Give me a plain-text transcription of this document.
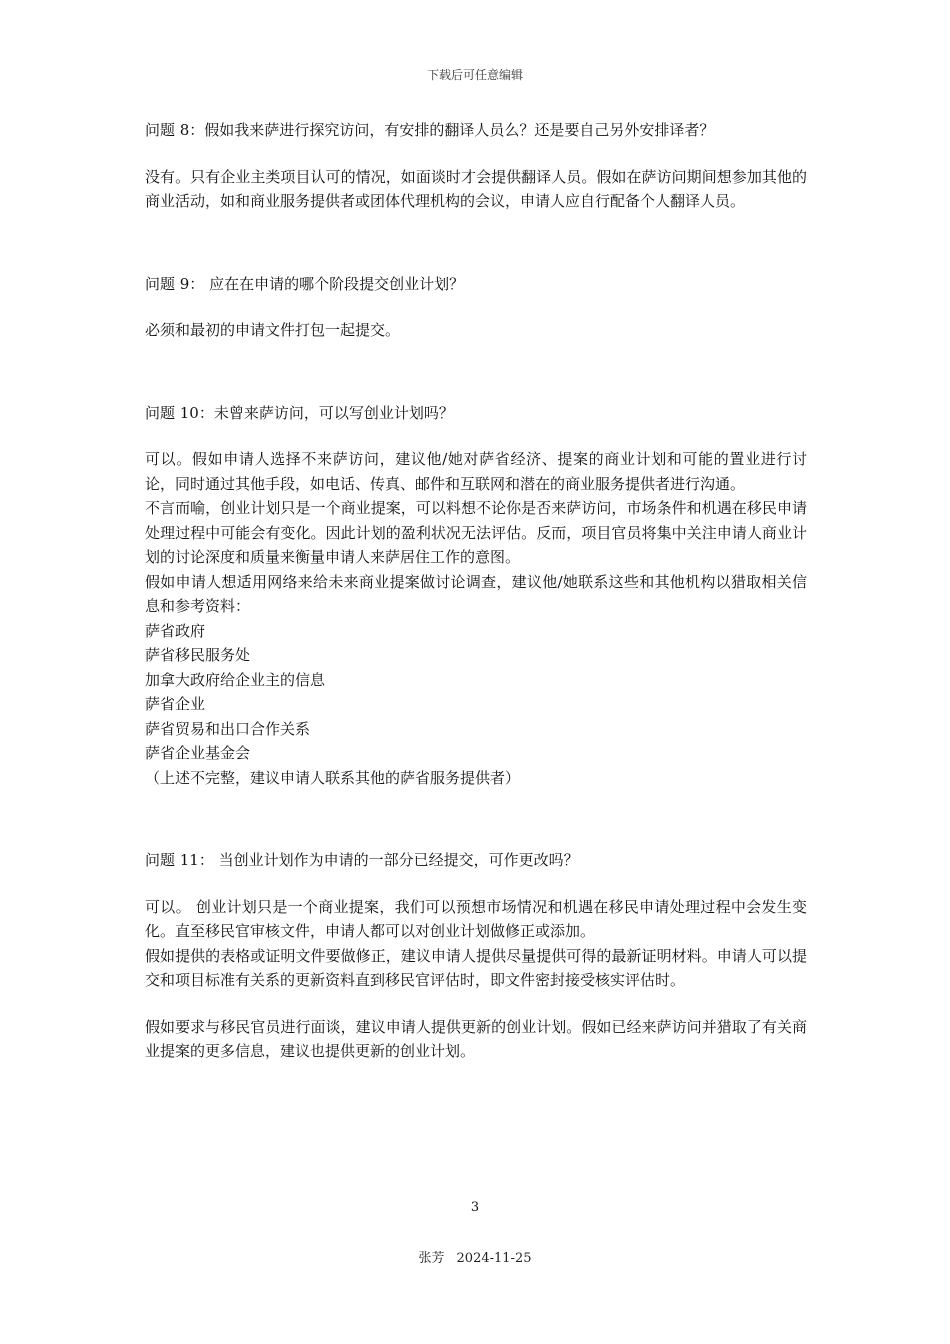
下载后可任意编辑

问题 8：假如我来萨进行探究访问，有安排的翻译人员么？还是要自己另外安排译者？

没有。只有企业主类项目认可的情况，如面谈时才会提供翻译人员。假如在萨访问期间想参加其他的商业活动，如和商业服务提供者或团体代理机构的会议，申请人应自行配备个人翻译人员。

问题 9： 应在在申请的哪个阶段提交创业计划？

必须和最初的申请文件打包一起提交。

问题 10：未曾来萨访问，可以写创业计划吗？

可以。假如申请人选择不来萨访问，建议他/她对萨省经济、提案的商业计划和可能的置业进行讨论，同时通过其他手段，如电话、传真、邮件和互联网和潜在的商业服务提供者进行沟通。

不言而喻，创业计划只是一个商业提案，可以料想不论你是否来萨访问，市场条件和机遇在移民申请处理过程中可能会有变化。因此计划的盈利状况无法评估。反而，项目官员将集中关注申请人商业计划的讨论深度和质量来衡量申请人来萨居住工作的意图。

假如申请人想适用网络来给未来商业提案做讨论调查，建议他/她联系这些和其他机构以猎取相关信息和参考资料：

萨省政府

萨省移民服务处

加拿大政府给企业主的信息

萨省企业

萨省贸易和出口合作关系

萨省企业基金会

（上述不完整，建议申请人联系其他的萨省服务提供者）

问题 11： 当创业计划作为申请的一部分已经提交，可作更改吗？

可以。 创业计划只是一个商业提案，我们可以预想市场情况和机遇在移民申请处理过程中会发生变化。直至移民官审核文件，申请人都可以对创业计划做修正或添加。

假如提供的表格或证明文件要做修正，建议申请人提供尽量提供可得的最新证明材料。申请人可以提交和项目标准有关系的更新资料直到移民官评估时，即文件密封接受核实评估时。

假如要求与移民官员进行面谈，建议申请人提供更新的创业计划。假如已经来萨访问并猎取了有关商业提案的更多信息，建议也提供更新的创业计划。

3
张芳 2024-11-25
